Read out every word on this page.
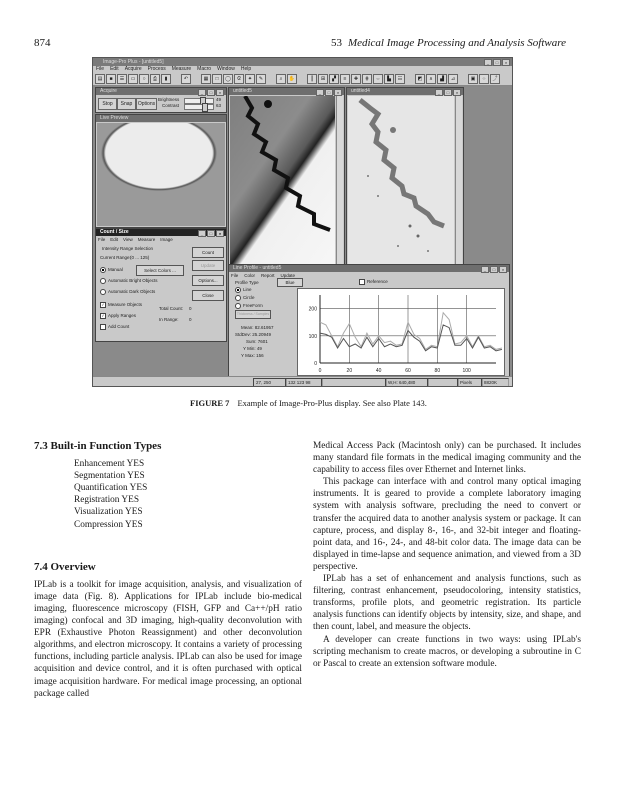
874	53 Medical Image Processing and Analysis Software
Image-Pro Plus - [untitled5]	_	□	×
File Edit Acquire Process Measure Macro Window Help
▤	■	☰	▭	○	⎙	▮	↶	▦	□	◯	ᘓ	✦	✎	⌕	✋	┃	⊞	▞	≡	✚	⋕	⇔	▙	☷	◩	∧	▟	⊿	▣	⁘	⤴
Acquire	_	□	×
Stop	Snap	Options
Brightness
Contrast
49
63
Live Preview
untitled5	_	□	×	untitled4	_	□	×
Count / Size	_	□	×
File Edit View Measure Image
Intensity Range Selection
Current Range: (0 ... 125)
Manual	Select Colors ...
Automatic Bright Objects
Automatic Dark Objects
✓ Measure Objects
✓ Apply Ranges
Add Count
Total Count: 0
In Range: 0
Count
Update
Options...
Close
Line Profile - untitled5	_	□	×
File Color Report Update
Profile Type
Line
Circle
FreeForm
Thickness / Samples
Mean: 82.61957
StdDev: 25.20949
Sum: 7601
Y Min: 49
Y Max: 156
Blue	Reference
0
100
200
0	20	40	60	80	100
27, 250	132 123 98	W,H: 640,480	Pixels	8820K
FIGURE 7 Example of Image-Pro-Plus display. See also Plate 143.
7.3 Built-in Function Types
Enhancement YES
Segmentation YES
Quantification YES
Registration YES
Visualization YES
Compression YES
7.4 Overview

IPLab is a toolkit for image acquisition, analysis, and visualization of image data (Fig. 8). Applications for IPLab include bio-medical imaging, fluorescence microscopy (FISH, GFP and Ca++/pH ratio imaging) confocal and 3D imaging, high-quality deconvolution with EPR (Exhaustive Photon Reassignment) and other deconvolution algorithms, and electron microscopy. It contains a variety of processing functions, including particle analysis. IPLab can also be used for image acquisition and device control, and it is often purchased with optical image acquisition hardware. For medical image processing, an optional package called

Medical Access Pack (Macintosh only) can be purchased. It includes many standard file formats in the medical imaging community and the capability to access files over Ethernet and Internet links.

This package can interface with and control many optical imaging instruments. It is geared to provide a complete laboratory imaging system with analysis software, precluding the need to convert or transfer the acquired data to another analysis system or package. It can capture, process, and display 8-, 16-, and 32-bit integer and floating-point data, and 16-, 24-, and 48-bit color data. The image data can be displayed in time-lapse and sequence animation, and viewed from a 3D perspective.

IPLab has a set of enhancement and analysis functions, such as filtering, contrast enhancement, pseudocoloring, intensity statistics, transforms, profile plots, and geometric registration. Its particle analysis functions can identify objects by intensity, size, and shape, and then count, label, and measure the objects.

A developer can create functions in two ways: using IPLab's scripting mechanism to create macros, or developing a subroutine in C or Pascal to create an extension software module.
